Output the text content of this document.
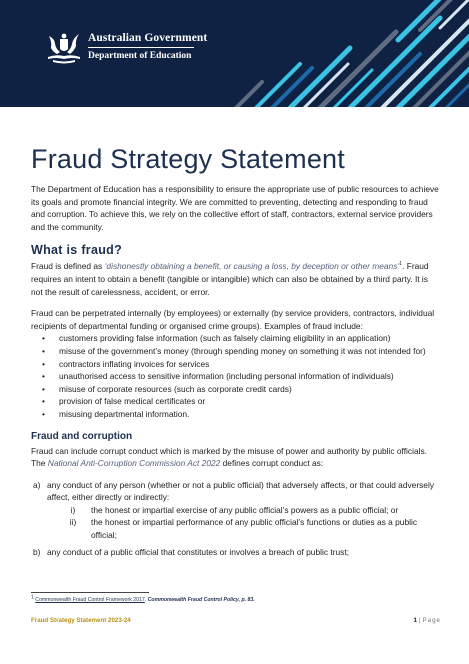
Australian Government
Department of Education
Fraud Strategy Statement

The Department of Education has a responsibility to ensure the appropriate use of public resources to achieve its goals and promote financial integrity. We are committed to preventing, detecting and responding to fraud and corruption. To achieve this, we rely on the collective effort of staff, contractors, external service providers and the community.

What is fraud?

Fraud is defined as ‘dishonestly obtaining a benefit, or causing a loss, by deception or other means’$^1$. Fraud requires an intent to obtain a benefit (tangible or intangible) which can also be obtained by a third party. It is not the result of carelessness, accident, or error.

Fraud can be perpetrated internally (by employees) or externally (by service providers, contractors, individual recipients of departmental funding or organised crime groups). Examples of fraud include:

• customers providing false information (such as falsely claiming eligibility in an application)
• misuse of the government’s money (through spending money on something it was not intended for)
• contractors inflating invoices for services
• unauthorised access to sensitive information (including personal information of individuals)
• misuse of corporate resources (such as corporate credit cards)
• provision of false medical certificates or
• misusing departmental information.
Fraud and corruption

Fraud can include corrupt conduct which is marked by the misuse of power and authority by public officials. The National Anti-Corruption Commission Act 2022 defines corrupt conduct as:

a) any conduct of any person (whether or not a public official) that adversely affects, or that could adversely affect, either directly or indirectly:
i)	the honest or impartial exercise of any public official’s powers as a public official; or
ii)	the honest or impartial performance of any public official’s functions or duties as a public official;
b) any conduct of a public official that constitutes or involves a breach of public trust;
$^1$ Commonwealth Fraud Control Framework 2017, Commonwealth Fraud Control Policy, p. 83.
Fraud Strategy Statement 2023-24	1 | Page
